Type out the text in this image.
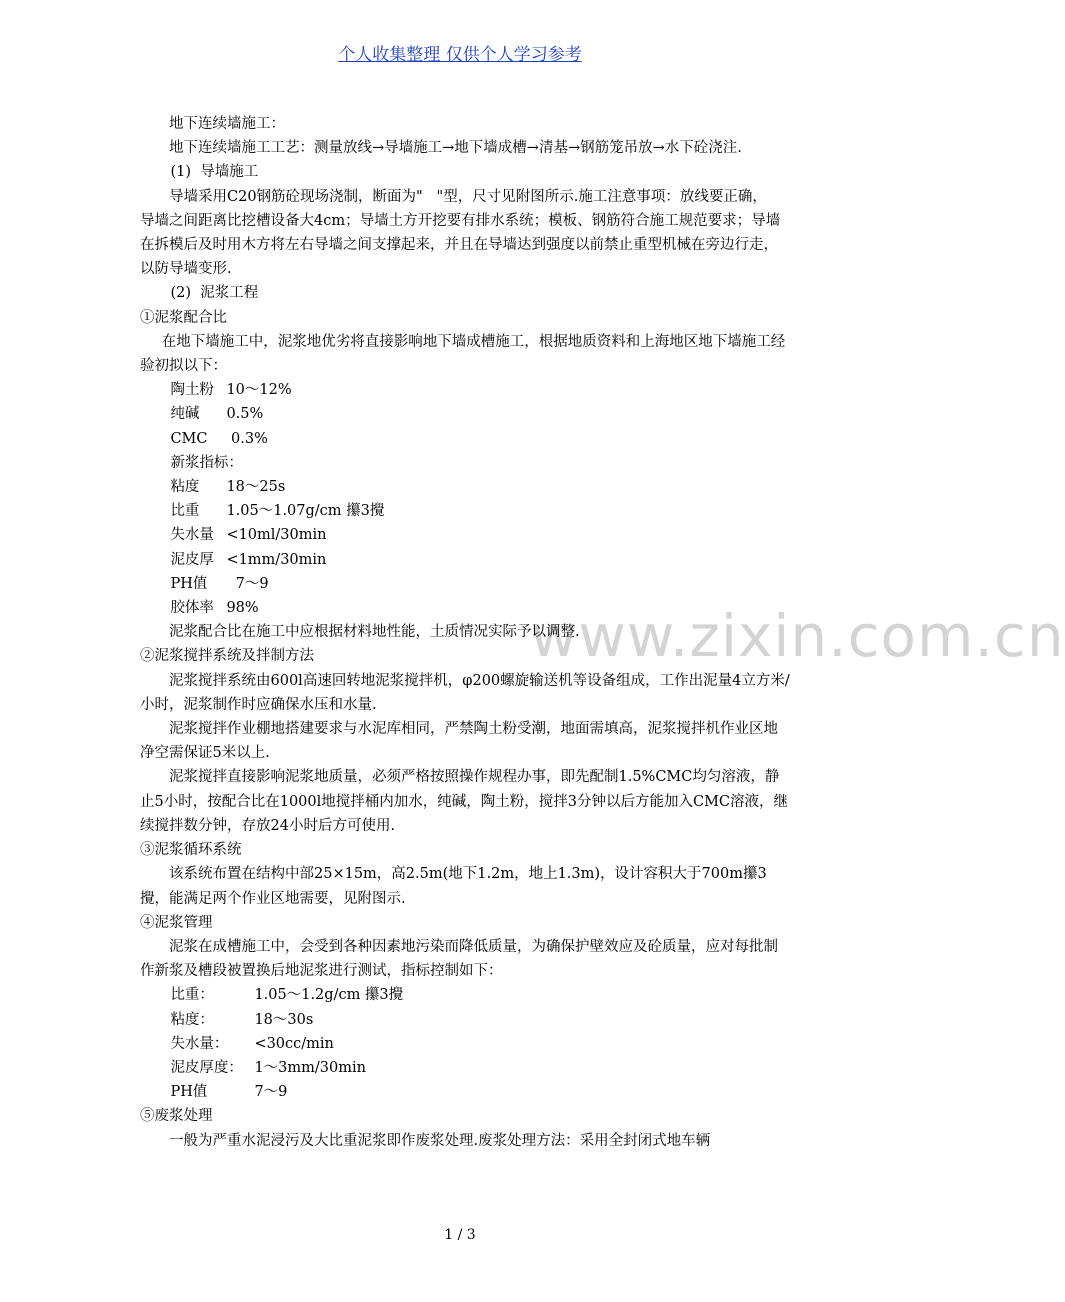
个人收集整理 仅供个人学习参考
www.zixin.com.cn

地下连续墙施工：

地下连续墙施工工艺：测量放线→导墙施工→地下墙成槽→清基→钢筋笼吊放→水下砼浇注.

(1)  导墙施工

导墙采用C20钢筋砼现场浇制，断面为"   "型，尺寸见附图所示.施工注意事项：放线要正确，  导墙之间距离比挖槽设备大4cm；导墙土方开挖要有排水系统；模板、钢筋符合施工规范要求；导墙在拆模后及时用木方将左右导墙之间支撑起来，并且在导墙达到强度以前禁止重型机械在旁边行走，以防导墙变形.

(2)  泥浆工程

①泥浆配合比

在地下墙施工中，泥浆地优劣将直接影响地下墙成槽施工，根据地质资料和上海地区地下墙施工经验初拟以下：

陶土粉 10～12%
纯碱	0.5%
CMC	0.3%

新浆指标：

粘度	18～25s
比重	1.05～1.07g/cm 攥3攪
失水量 <10ml/30min
泥皮厚 <1mm/30min
PH值	7～9
胶体率 98%

泥浆配合比在施工中应根据材料地性能，土质情况实际予以调整.

②泥浆搅拌系统及拌制方法

泥浆搅拌系统由600l高速回转地泥浆搅拌机，φ200螺旋输送机等设备组成，工作出泥量4立方米/小时，泥浆制作时应确保水压和水量.

泥浆搅拌作业棚地搭建要求与水泥库相同，严禁陶土粉受潮，地面需填高，泥浆搅拌机作业区地净空需保证5米以上.

泥浆搅拌直接影响泥浆地质量，必须严格按照操作规程办事，即先配制1.5%CMC均匀溶液，静止5小时，按配合比在1000l地搅拌桶内加水，纯碱，陶土粉，搅拌3分钟以后方能加入CMC溶液，继续搅拌数分钟，存放24小时后方可使用.

③泥浆循环系统

该系统布置在结构中部25×15m，高2.5m(地下1.2m，地上1.3m)，设计容积大于700m攥3攪，能满足两个作业区地需要，见附图示.

④泥浆管理

泥浆在成槽施工中，会受到各种因素地污染而降低质量，为确保护壁效应及砼质量，应对每批制作新浆及槽段被置换后地泥浆进行测试，指标控制如下：

比重：	1.05～1.2g/cm 攥3攪
粘度：	18～30s
失水量：	<30cc/min
泥皮厚度： 1～3mm/30min
PH值	7～9

⑤废浆处理

一般为严重水泥浸污及大比重泥浆即作废浆处理.废浆处理方法：采用全封闭式地车辆

1 / 3
